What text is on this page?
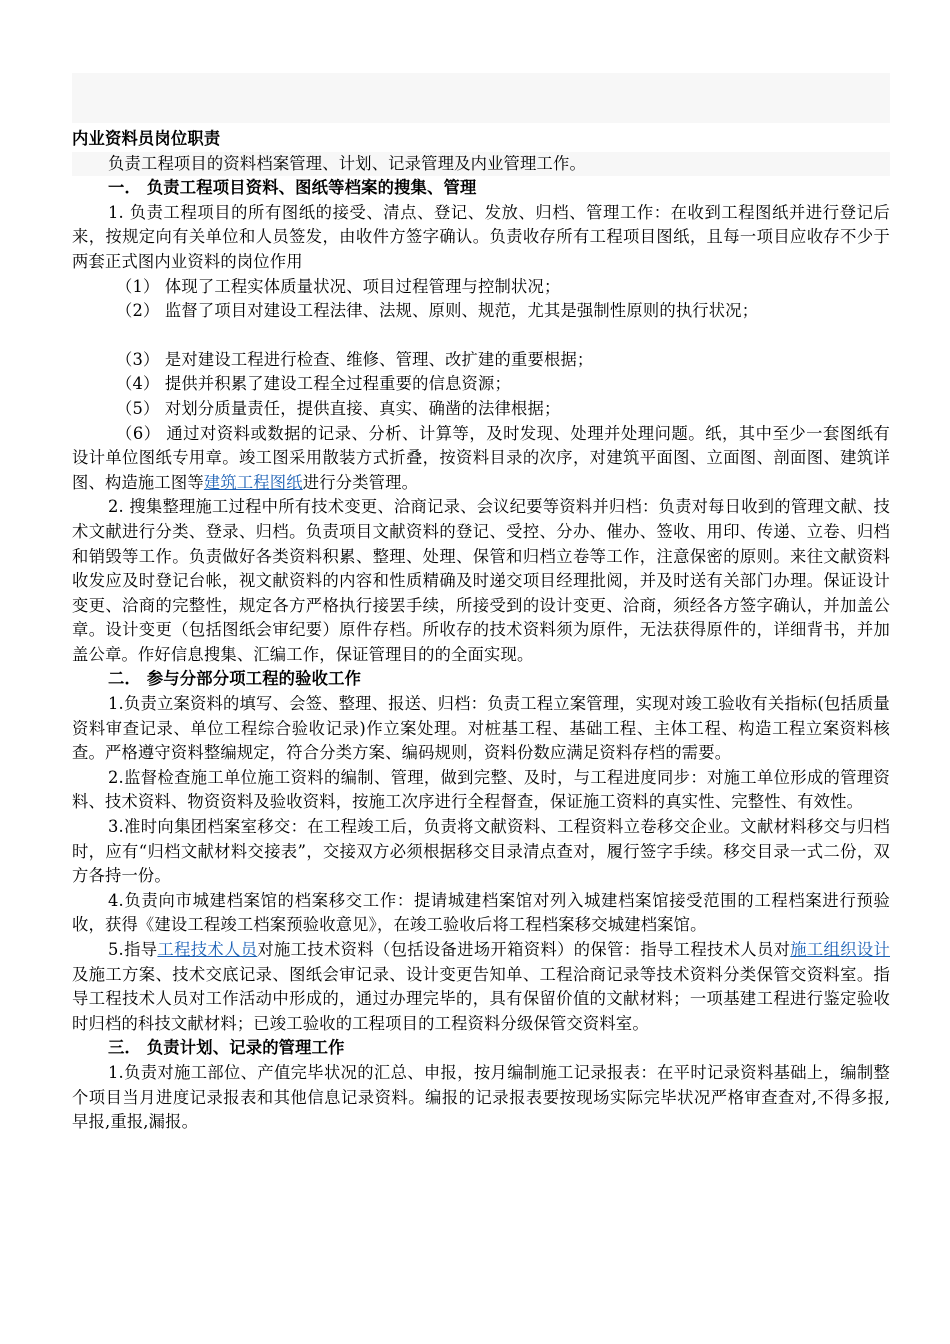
内业资料员岗位职责

负责工程项目的资料档案管理、计划、记录管理及内业管理工作。

一． 负责工程项目资料、图纸等档案的搜集、管理

1. 负责工程项目的所有图纸的接受、清点、登记、发放、归档、管理工作：在收到工程图纸并进行登记后来，按规定向有关单位和人员签发，由收件方签字确认。负责收存所有工程项目图纸，且每一项目应收存不少于两套正式图内业资料的岗位作用

（1） 体现了工程实体质量状况、项目过程管理与控制状况；

（2） 监督了项目对建设工程法律、法规、原则、规范，尤其是强制性原则的执行状况；

（3） 是对建设工程进行检查、维修、管理、改扩建的重要根据；

（4） 提供并积累了建设工程全过程重要的信息资源；

（5） 对划分质量责任，提供直接、真实、确凿的法律根据；

（6） 通过对资料或数据的记录、分析、计算等，及时发现、处理并处理问题。纸，其中至少一套图纸有设计单位图纸专用章。竣工图采用散装方式折叠，按资料目录的次序，对建筑平面图、立面图、剖面图、建筑详图、构造施工图等建筑工程图纸进行分类管理。

2. 搜集整理施工过程中所有技术变更、洽商记录、会议纪要等资料并归档：负责对每日收到的管理文献、技术文献进行分类、登录、归档。负责项目文献资料的登记、受控、分办、催办、签收、用印、传递、立卷、归档和销毁等工作。负责做好各类资料积累、整理、处理、保管和归档立卷等工作，注意保密的原则。来往文献资料收发应及时登记台帐，视文献资料的内容和性质精确及时递交项目经理批阅，并及时送有关部门办理。保证设计变更、洽商的完整性，规定各方严格执行接罢手续，所接受到的设计变更、洽商，须经各方签字确认，并加盖公章。设计变更（包括图纸会审纪要）原件存档。所收存的技术资料须为原件，无法获得原件的，详细背书，并加盖公章。作好信息搜集、汇编工作，保证管理目的的全面实现。

二． 参与分部分项工程的验收工作

1.负责立案资料的填写、会签、整理、报送、归档：负责工程立案管理，实现对竣工验收有关指标(包括质量资料审查记录、单位工程综合验收记录)作立案处理。对桩基工程、基础工程、主体工程、构造工程立案资料核查。严格遵守资料整编规定，符合分类方案、编码规则，资料份数应满足资料存档的需要。

2.监督检查施工单位施工资料的编制、管理，做到完整、及时，与工程进度同步：对施工单位形成的管理资料、技术资料、物资资料及验收资料，按施工次序进行全程督查，保证施工资料的真实性、完整性、有效性。

3.准时向集团档案室移交：在工程竣工后，负责将文献资料、工程资料立卷移交企业。文献材料移交与归档时，应有“归档文献材料交接表”，交接双方必须根据移交目录清点查对，履行签字手续。移交目录一式二份，双方各持一份。

4.负责向市城建档案馆的档案移交工作：提请城建档案馆对列入城建档案馆接受范围的工程档案进行预验收，获得《建设工程竣工档案预验收意见》，在竣工验收后将工程档案移交城建档案馆。

5.指导工程技术人员对施工技术资料（包括设备进场开箱资料）的保管：指导工程技术人员对施工组织设计及施工方案、技术交底记录、图纸会审记录、设计变更告知单、工程洽商记录等技术资料分类保管交资料室。指导工程技术人员对工作活动中形成的，通过办理完毕的，具有保留价值的文献材料；一项基建工程进行鉴定验收时归档的科技文献材料；已竣工验收的工程项目的工程资料分级保管交资料室。

三． 负责计划、记录的管理工作

1.负责对施工部位、产值完毕状况的汇总、申报，按月编制施工记录报表：在平时记录资料基础上，编制整个项目当月进度记录报表和其他信息记录资料。编报的记录报表要按现场实际完毕状况严格审查查对,不得多报,早报,重报,漏报。
